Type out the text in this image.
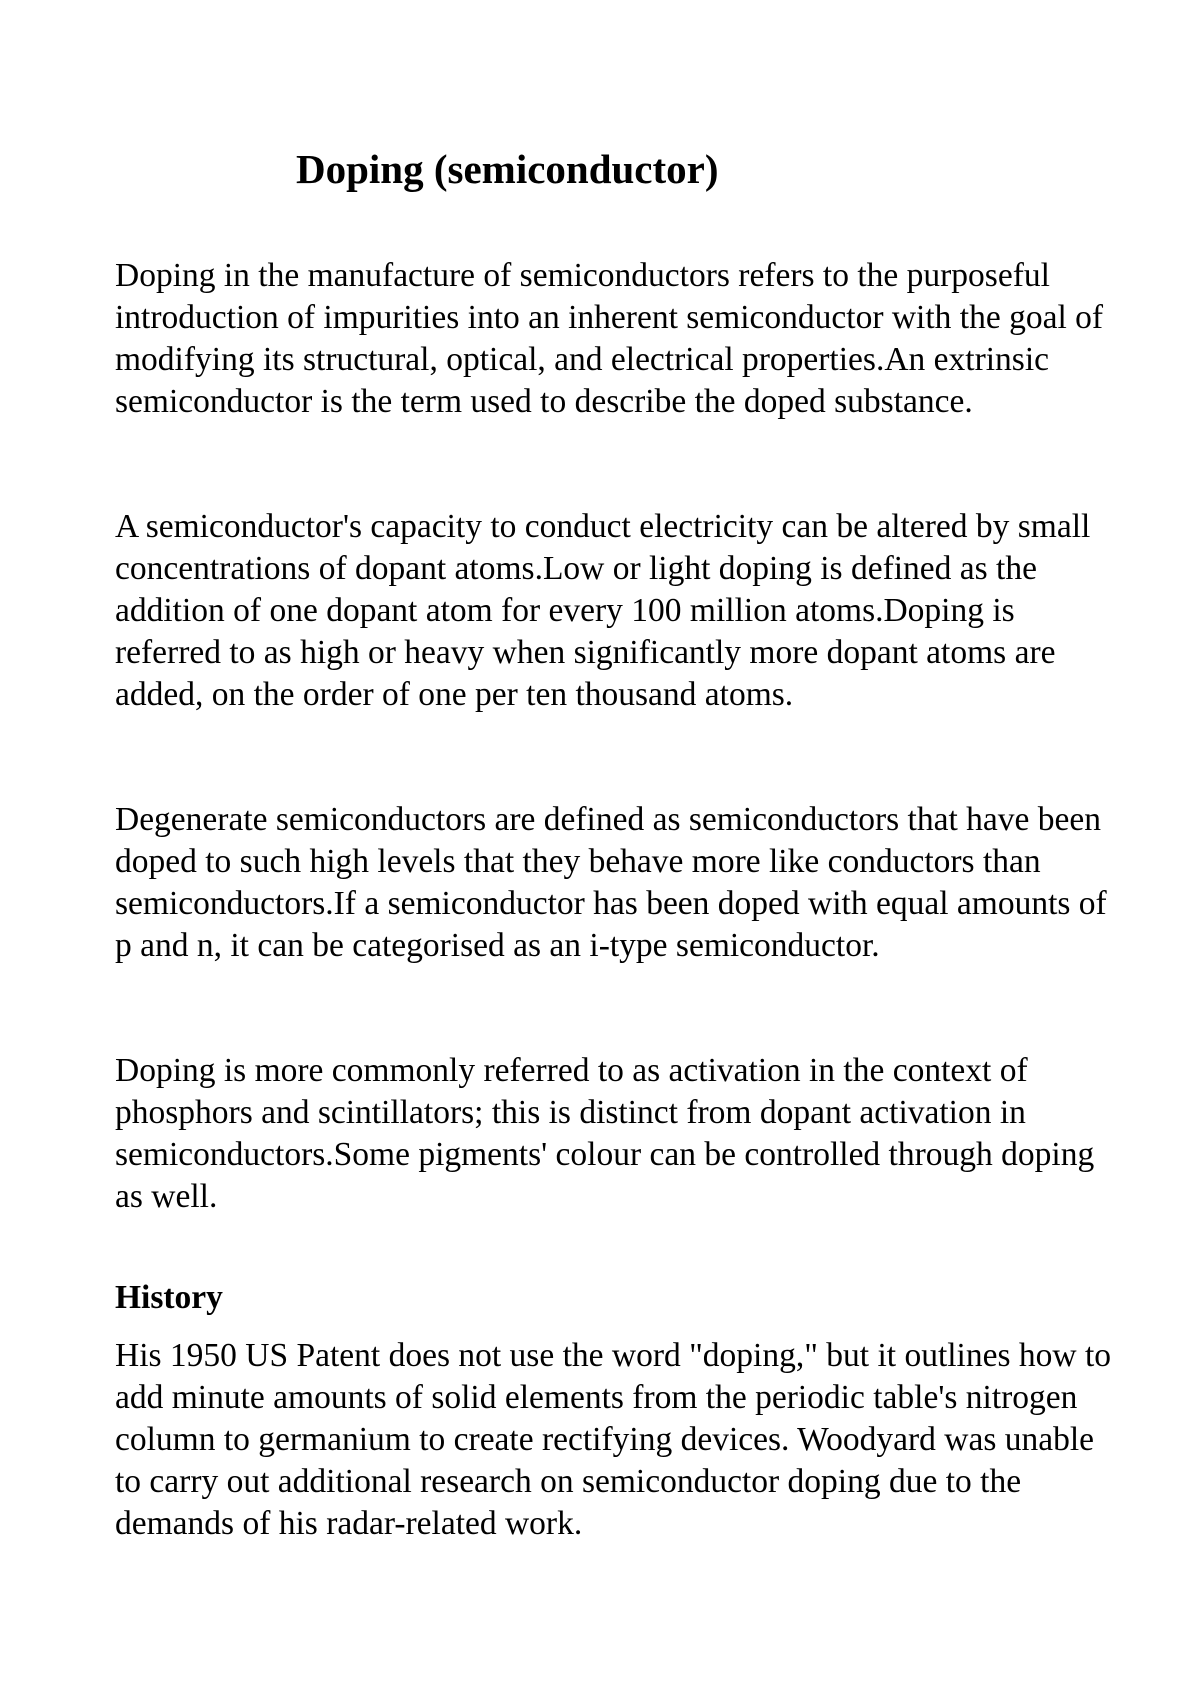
Doping (semiconductor)

Doping in the manufacture of semiconductors refers to the purposeful introduction of impurities into an inherent semiconductor with the goal of modifying its structural, optical, and electrical properties.An extrinsic semiconductor is the term used to describe the doped substance.

A semiconductor's capacity to conduct electricity can be altered by small concentrations of dopant atoms.Low or light doping is defined as the addition of one dopant atom for every 100 million atoms.Doping is referred to as high or heavy when significantly more dopant atoms are added, on the order of one per ten thousand atoms.

Degenerate semiconductors are defined as semiconductors that have been doped to such high levels that they behave more like conductors than semiconductors.If a semiconductor has been doped with equal amounts of p and n, it can be categorised as an i-type semiconductor.

Doping is more commonly referred to as activation in the context of phosphors and scintillators; this is distinct from dopant activation in semiconductors.Some pigments' colour can be controlled through doping as well.

History

His 1950 US Patent does not use the word "doping," but it outlines how to add minute amounts of solid elements from the periodic table's nitrogen column to germanium to create rectifying devices. Woodyard was unable to carry out additional research on semiconductor doping due to the demands of his radar-related work.
